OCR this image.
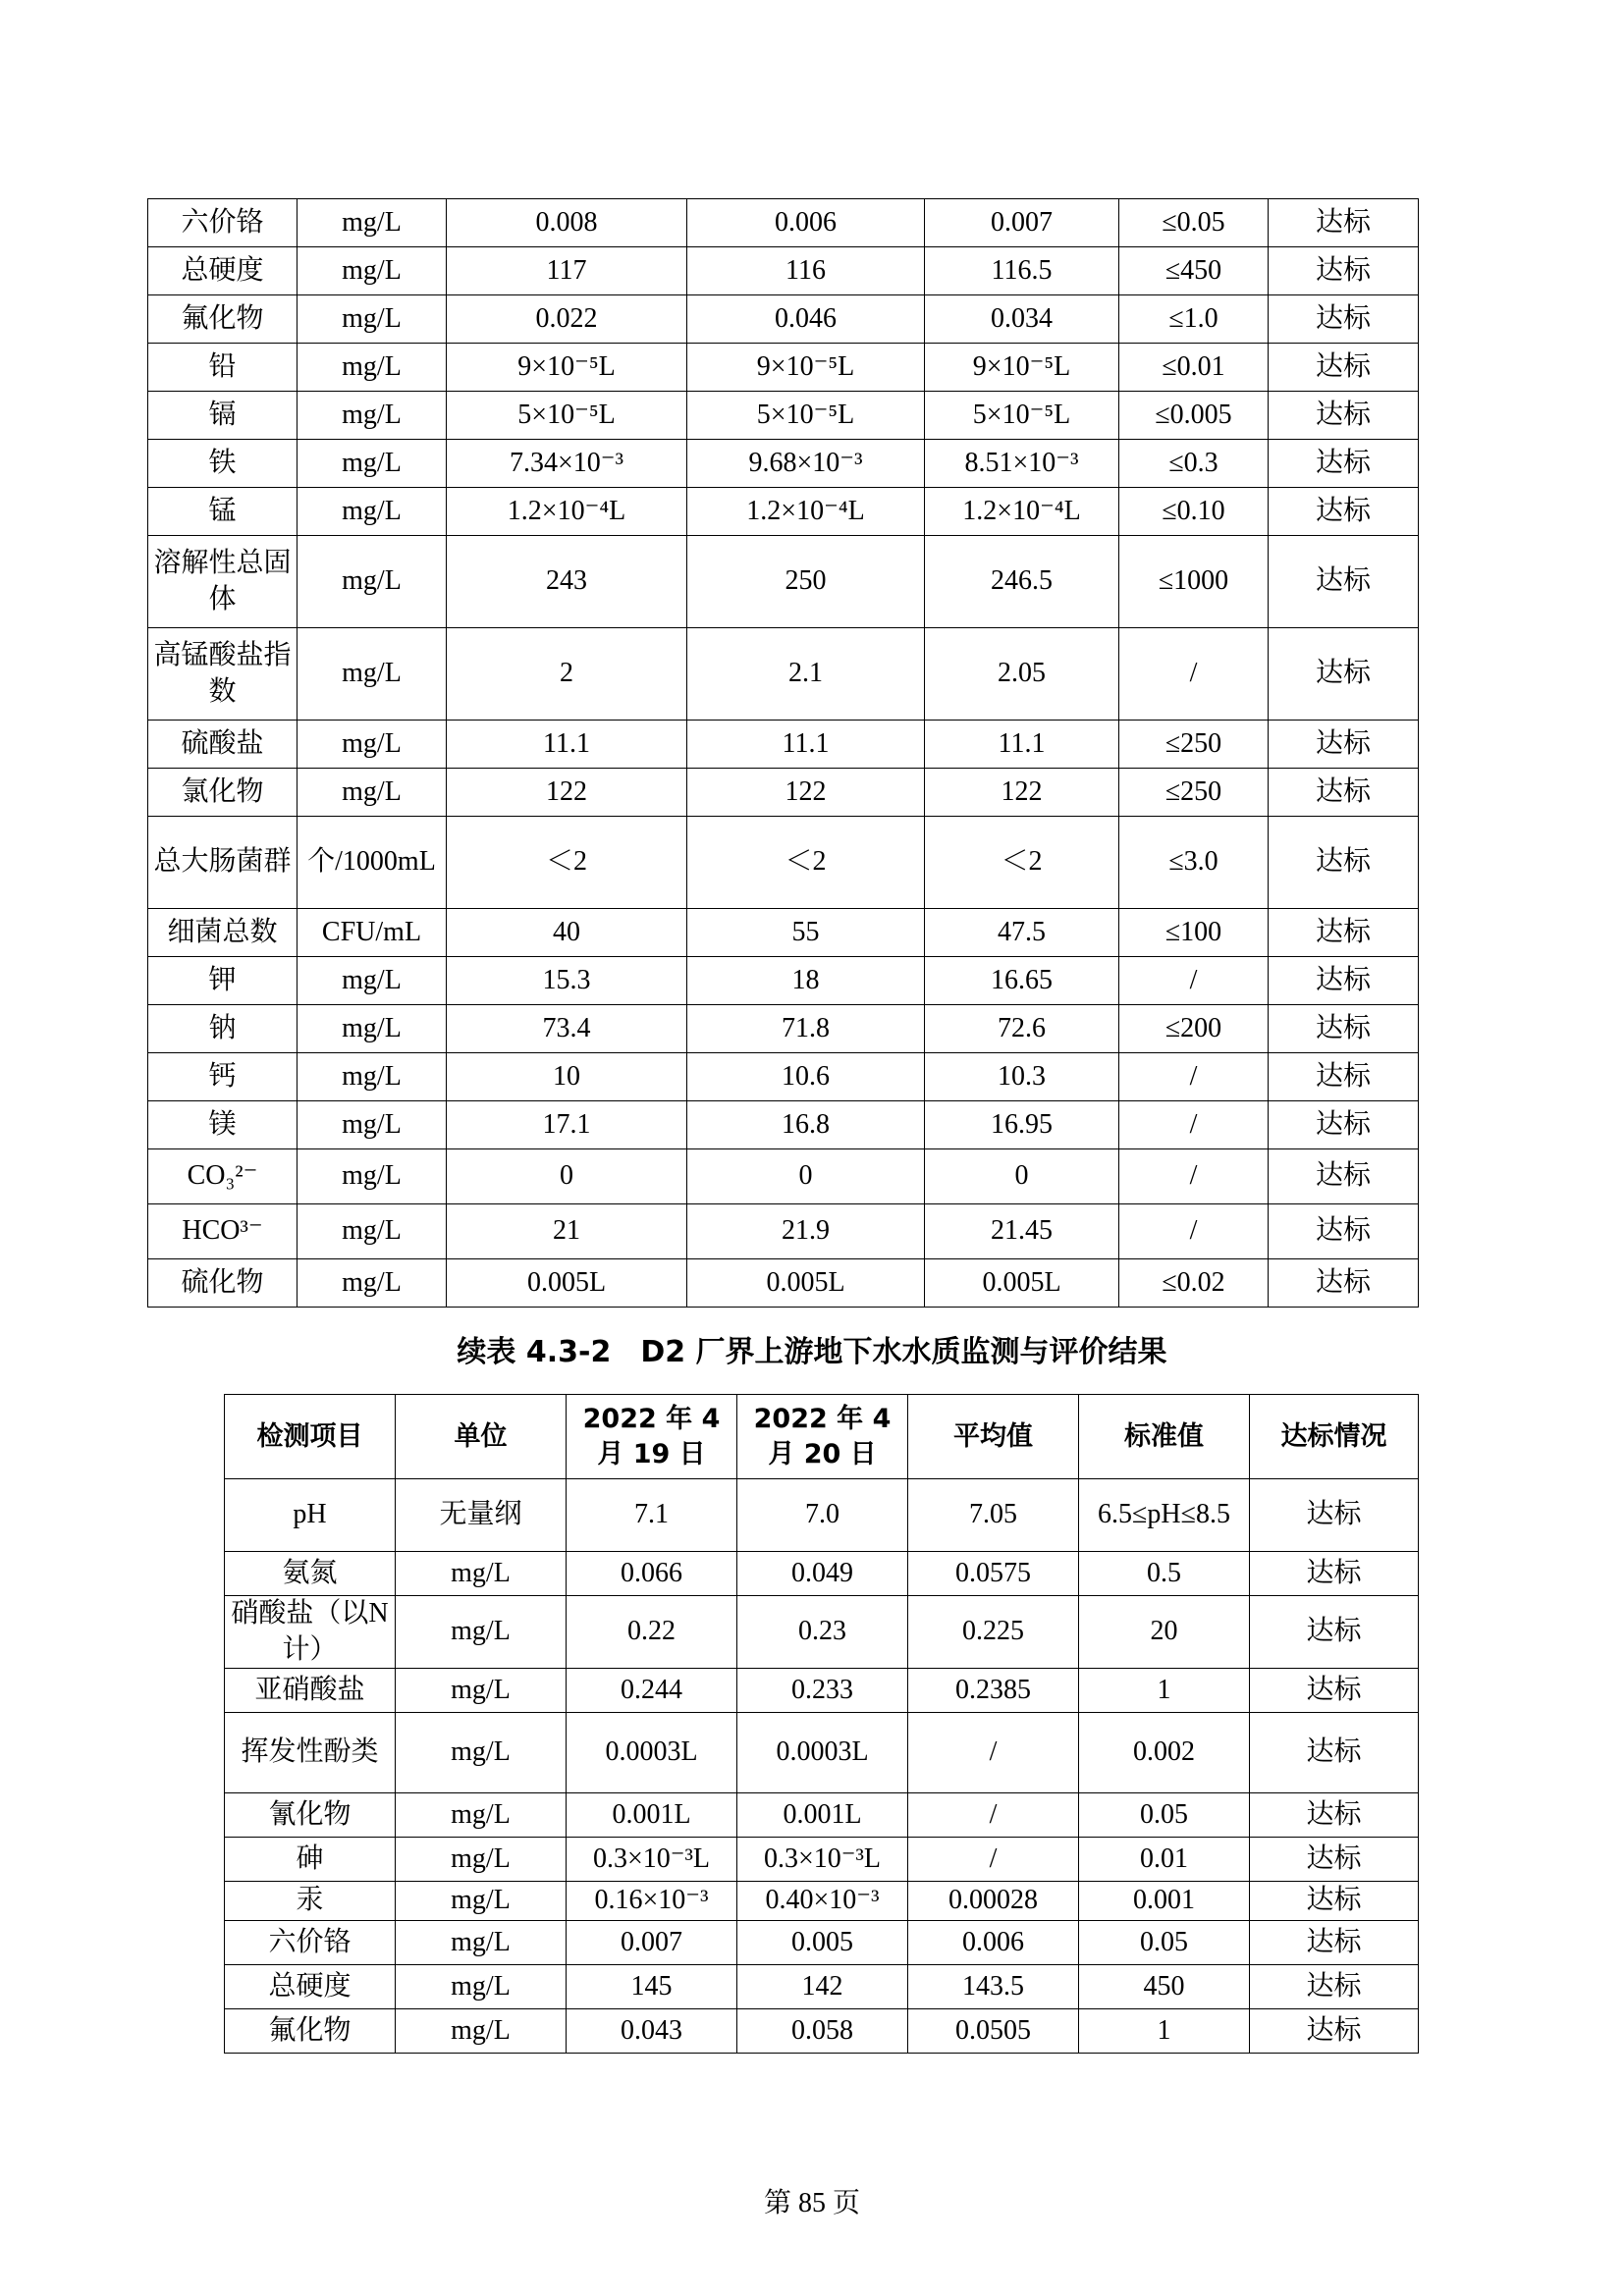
六价铬	mg/L	0.008	0.006	0.007	≤0.05	达标
总硬度	mg/L	117	116	116.5	≤450	达标
氟化物	mg/L	0.022	0.046	0.034	≤1.0	达标
铅	mg/L	9×10⁻⁵L	9×10⁻⁵L	9×10⁻⁵L	≤0.01	达标
镉	mg/L	5×10⁻⁵L	5×10⁻⁵L	5×10⁻⁵L	≤0.005	达标
铁	mg/L	7.34×10⁻³	9.68×10⁻³	8.51×10⁻³	≤0.3	达标
锰	mg/L	1.2×10⁻⁴L	1.2×10⁻⁴L	1.2×10⁻⁴L	≤0.10	达标
溶解性总固体	mg/L	243	250	246.5	≤1000	达标
高锰酸盐指数	mg/L	2	2.1	2.05	/	达标
硫酸盐	mg/L	11.1	11.1	11.1	≤250	达标
氯化物	mg/L	122	122	122	≤250	达标
总大肠菌群	个/1000mL	＜2	＜2	＜2	≤3.0	达标
细菌总数	CFU/mL	40	55	47.5	≤100	达标
钾	mg/L	15.3	18	16.65	/	达标
钠	mg/L	73.4	71.8	72.6	≤200	达标
钙	mg/L	10	10.6	10.3	/	达标
镁	mg/L	17.1	16.8	16.95	/	达标
CO₃²⁻	mg/L	0	0	0	/	达标
HCO³⁻	mg/L	21	21.9	21.45	/	达标
硫化物	mg/L	0.005L	0.005L	0.005L	≤0.02	达标
续表 4.3-2　D2 厂界上游地下水水质监测与评价结果
检测项目	单位	2022 年 4 月 19 日	2022 年 4 月 20 日	平均值	标准值	达标情况
pH	无量纲	7.1	7.0	7.05	6.5≤pH≤8.5	达标
氨氮	mg/L	0.066	0.049	0.0575	0.5	达标
硝酸盐（以N计）	mg/L	0.22	0.23	0.225	20	达标
亚硝酸盐	mg/L	0.244	0.233	0.2385	1	达标
挥发性酚类	mg/L	0.0003L	0.0003L	/	0.002	达标
氰化物	mg/L	0.001L	0.001L	/	0.05	达标
砷	mg/L	0.3×10⁻³L	0.3×10⁻³L	/	0.01	达标
汞	mg/L	0.16×10⁻³	0.40×10⁻³	0.00028	0.001	达标
六价铬	mg/L	0.007	0.005	0.006	0.05	达标
总硬度	mg/L	145	142	143.5	450	达标
氟化物	mg/L	0.043	0.058	0.0505	1	达标
第 85 页
